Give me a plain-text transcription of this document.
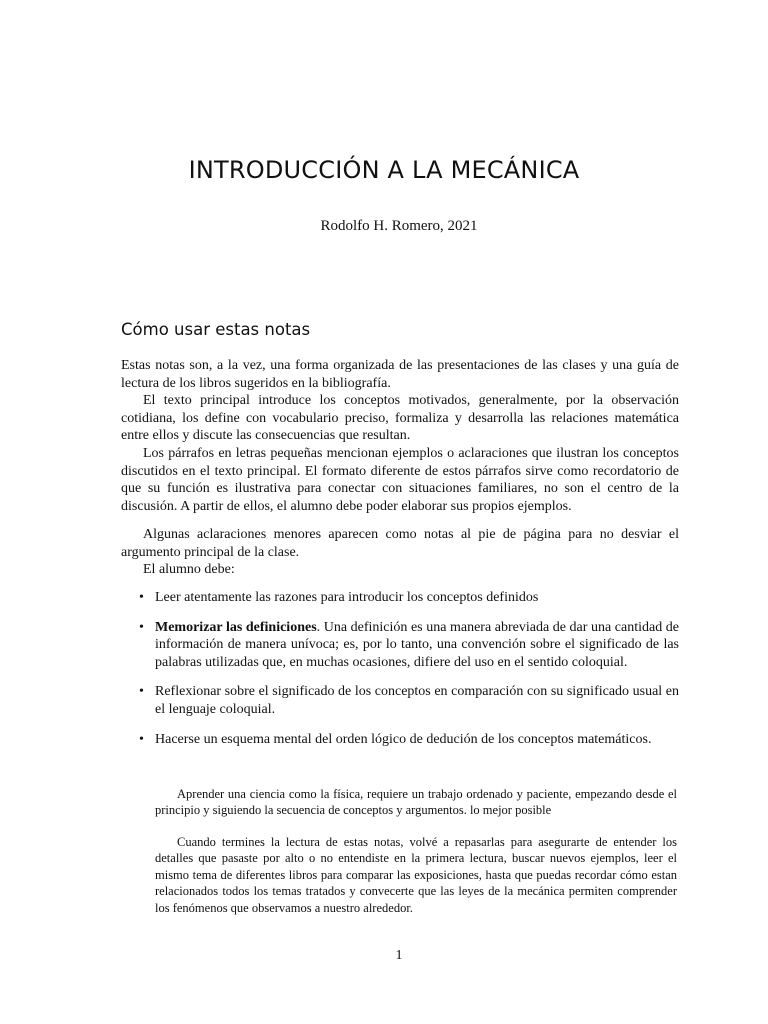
INTRODUCCIÓN A LA MECÁNICA
Rodolfo H. Romero, 2021
Cómo usar estas notas

Estas notas son, a la vez, una forma organizada de las presentaciones de las clases y una guía de lectura de los libros sugeridos en la bibliografía.

El texto principal introduce los conceptos motivados, generalmente, por la observación cotidiana, los define con vocabulario preciso, formaliza y desarrolla las relaciones matemática entre ellos y discute las consecuencias que resultan.

Los párrafos en letras pequeñas mencionan ejemplos o aclaraciones que ilustran los conceptos discutidos en el texto principal. El formato diferente de estos párrafos sirve como recordatorio de que su función es ilustrativa para conectar con situaciones familiares, no son el centro de la discusión. A partir de ellos, el alumno debe poder elaborar sus propios ejemplos.

Algunas aclaraciones menores aparecen como notas al pie de página para no desviar el argumento principal de la clase.

El alumno debe:

• Leer atentamente las razones para introducir los conceptos definidos
• Memorizar las definiciones. Una definición es una manera abreviada de dar una cantidad de información de manera unívoca; es, por lo tanto, una convención sobre el significado de las palabras utilizadas que, en muchas ocasiones, difiere del uso en el sentido coloquial.
• Reflexionar sobre el significado de los conceptos en comparación con su significado usual en el lenguaje coloquial.
• Hacerse un esquema mental del orden lógico de dedución de los conceptos matemáticos.

Aprender una ciencia como la física, requiere un trabajo ordenado y paciente, empezando desde el principio y siguiendo la secuencia de conceptos y argumentos. lo mejor posible

Cuando termines la lectura de estas notas, volvé a repasarlas para asegurarte de entender los detalles que pasaste por alto o no entendiste en la primera lectura, buscar nuevos ejemplos, leer el mismo tema de diferentes libros para comparar las exposiciones, hasta que puedas recordar cómo estan relacionados todos los temas tratados y convecerte que las leyes de la mecánica permiten comprender los fenómenos que observamos a nuestro alrededor.

1
